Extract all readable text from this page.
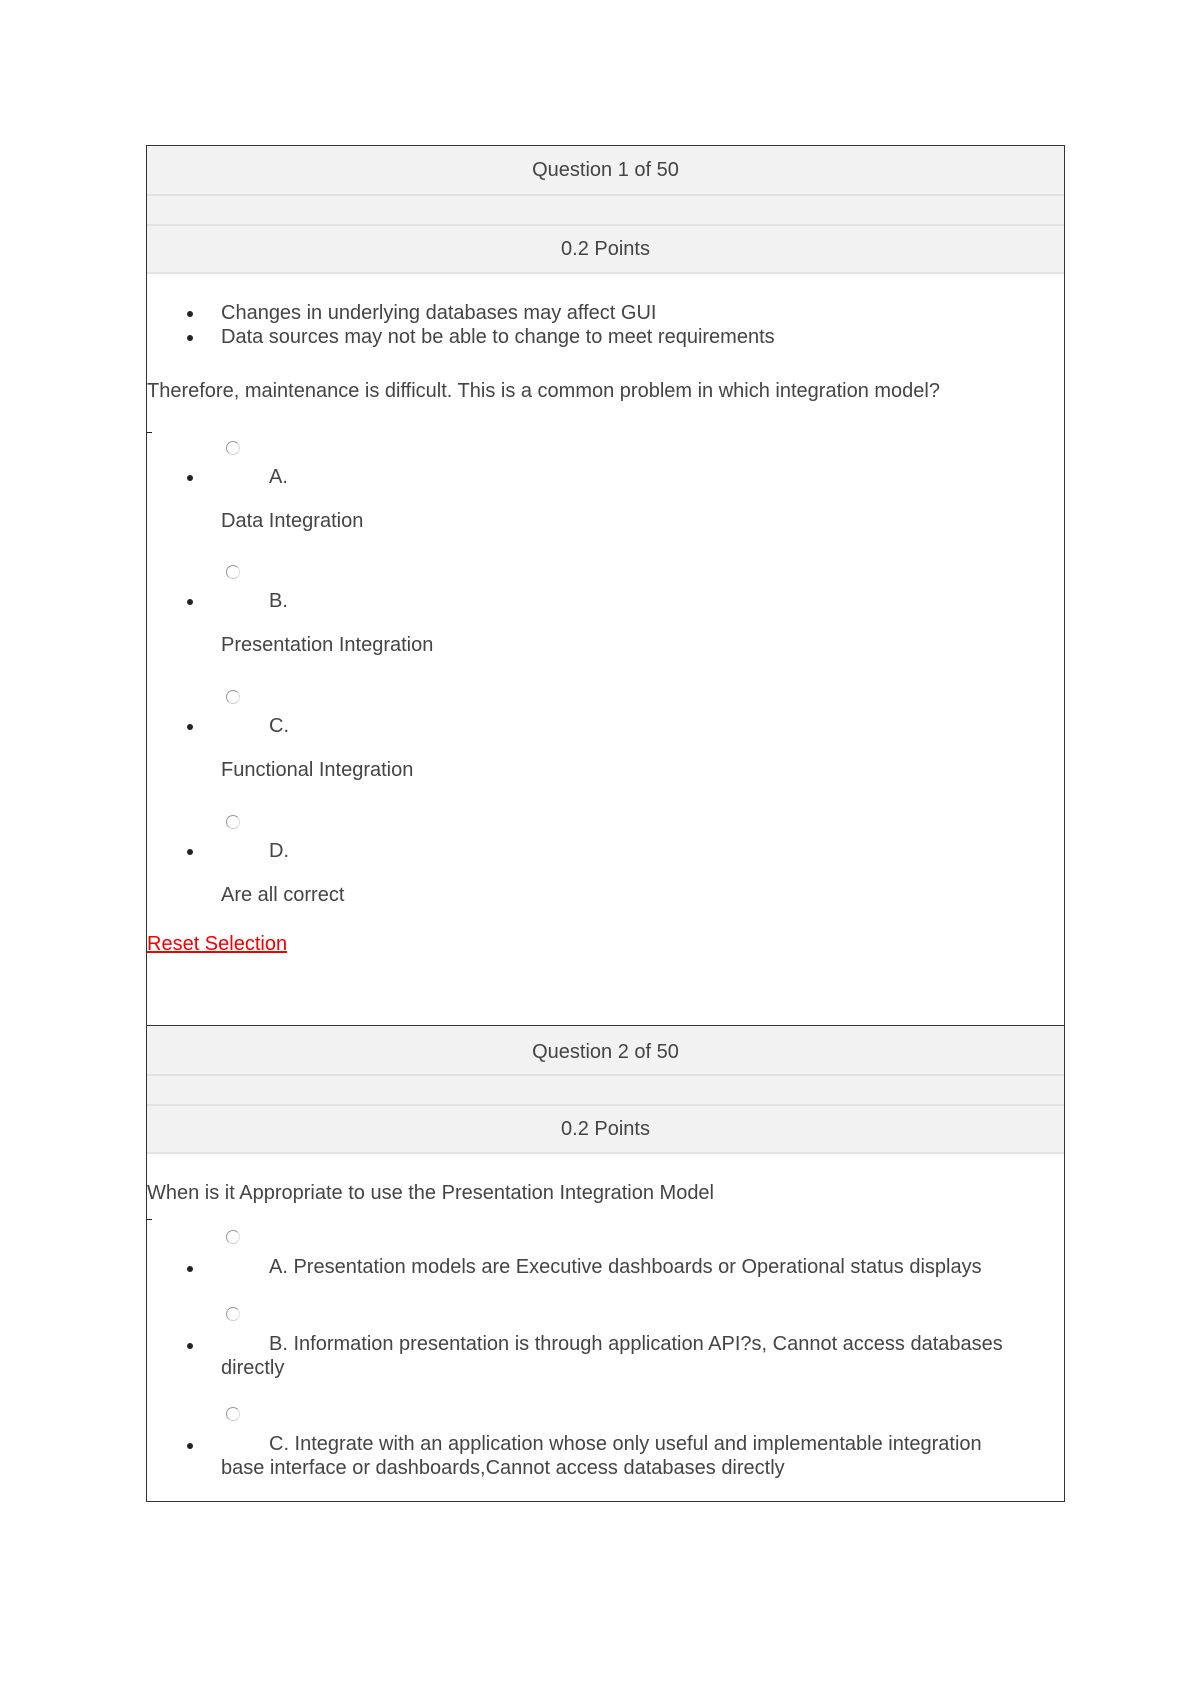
Question 1 of 50
0.2 Points
Changes in underlying databases may affect GUI
Data sources may not be able to change to meet requirements
Therefore, maintenance is difficult. This is a common problem in which integration model?
A.
Data Integration
B.
Presentation Integration
C.
Functional Integration
D.
Are all correct
Reset Selection
Question 2 of 50
0.2 Points
When is it Appropriate to use the Presentation Integration Model
A. Presentation models are Executive dashboards or Operational status displays
B. Information presentation is through application API?s, Cannot access databases
directly
C. Integrate with an application whose only useful and implementable integration
base interface or dashboards,Cannot access databases directly
